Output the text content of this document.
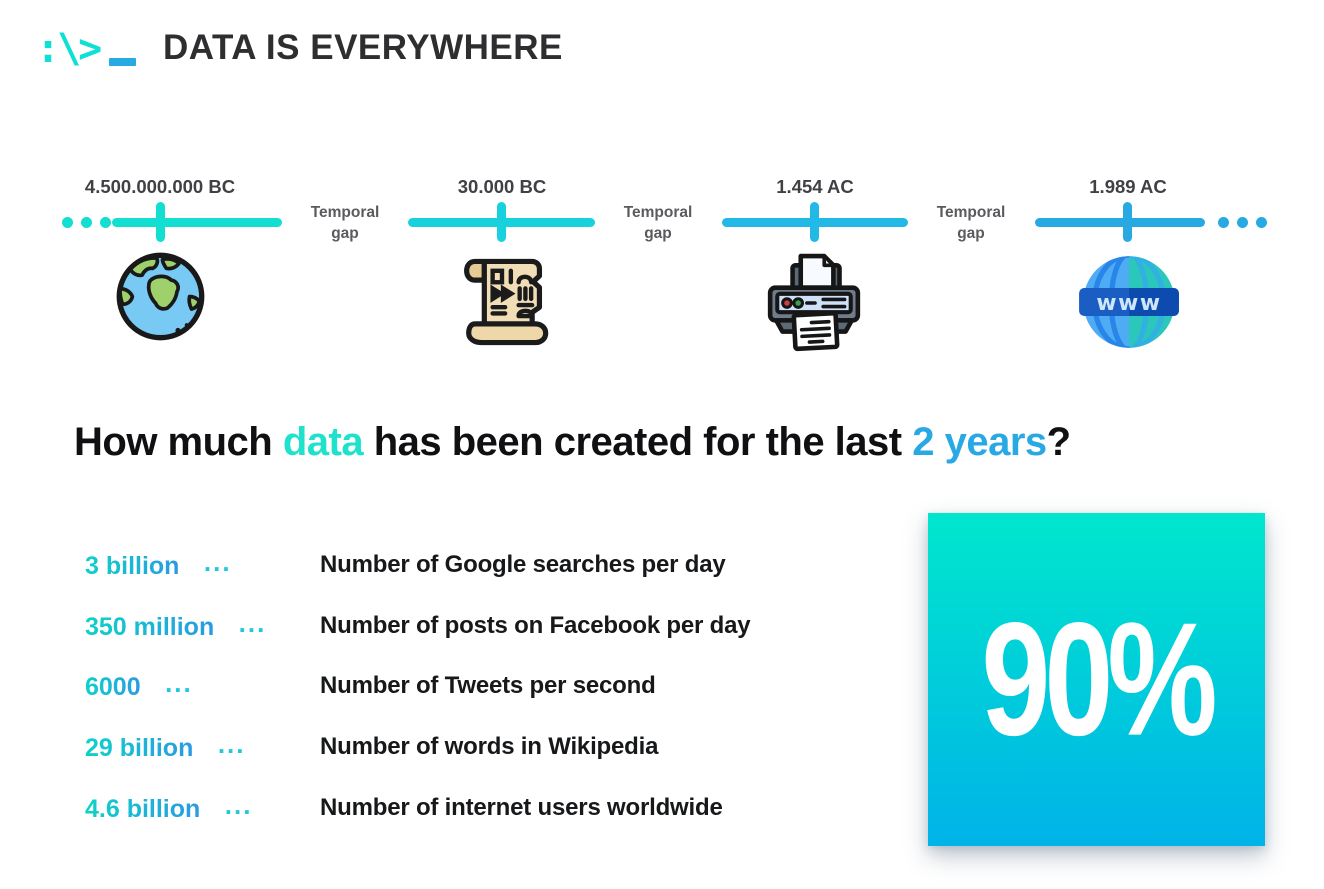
:\> DATA IS EVERYWHERE
4.500.000.000 BC	30.000 BC	1.454 AC	1.989 AC
Temporal
gap
Temporal
gap
Temporal
gap
www
How much data has been created for the last 2 years?
3 billion ...	Number of Google searches per day
350 million ... Number of posts on Facebook per day
6000 ...	Number of Tweets per second
29 billion ...	Number of words in Wikipedia
4.6 billion ...	Number of internet users worldwide
90%
